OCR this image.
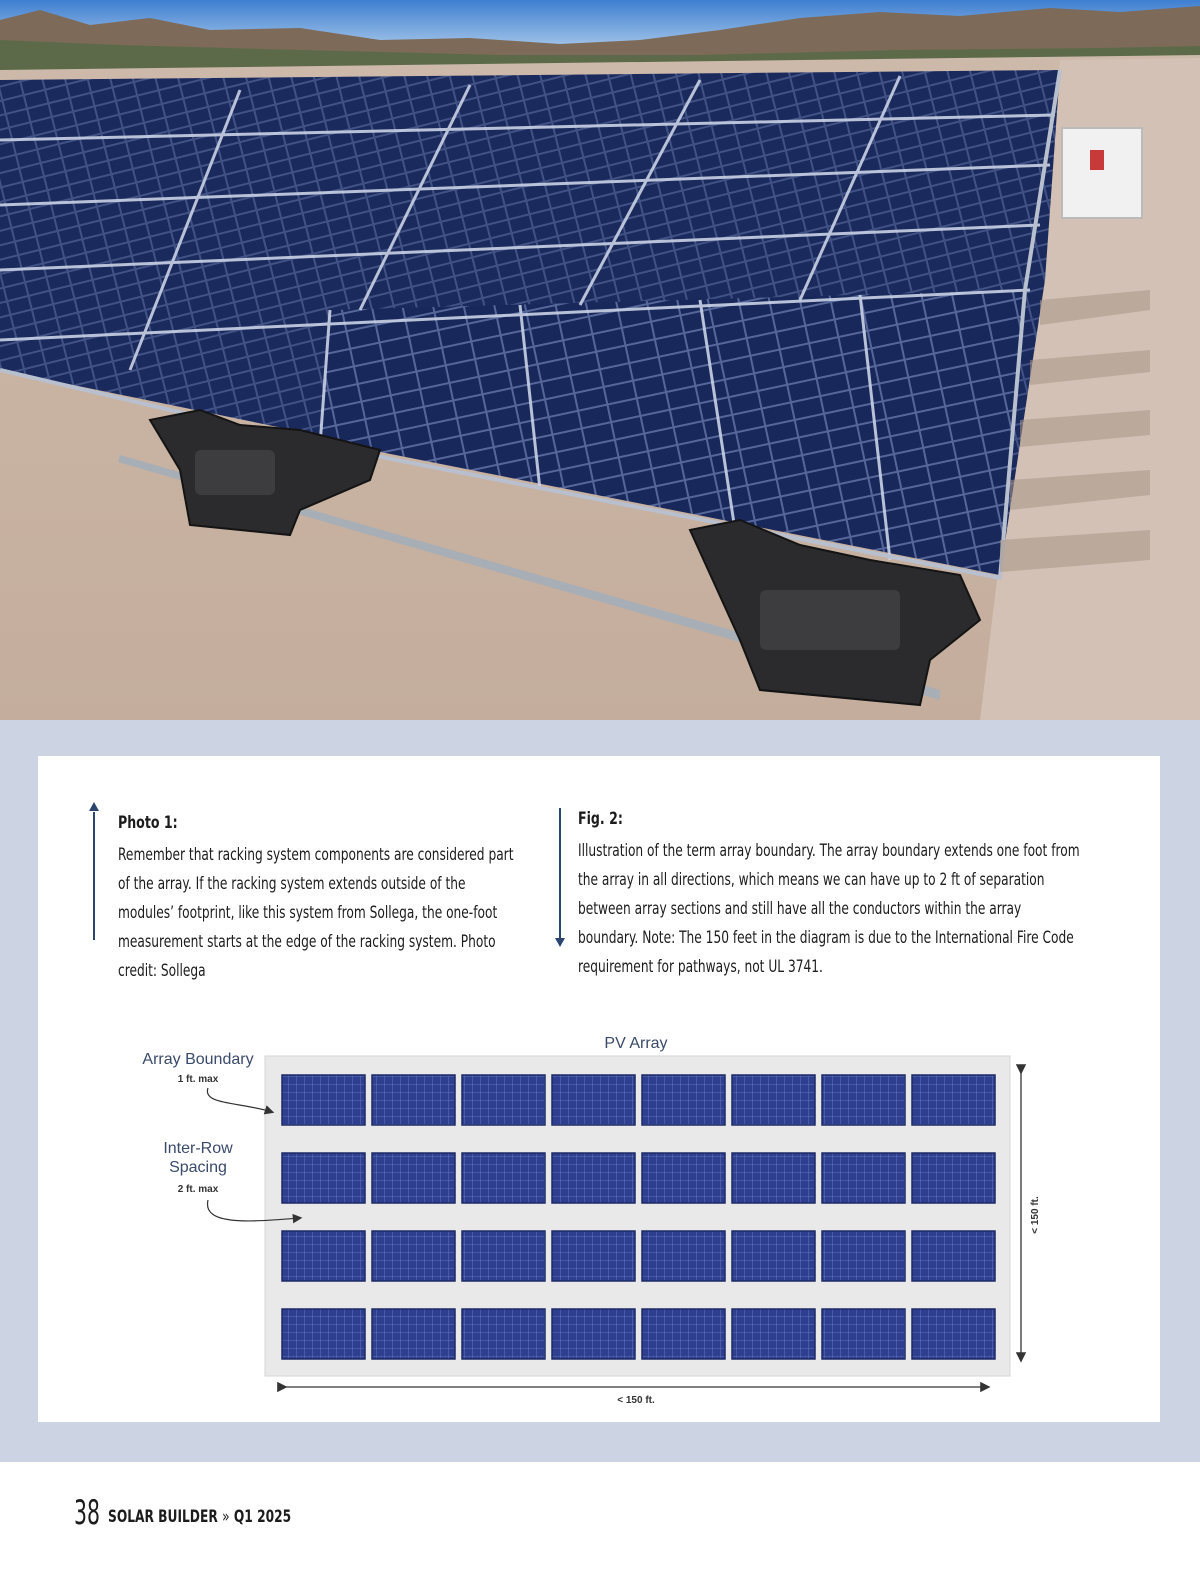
Photo 1:
Remember that racking system components are considered part of the array. If the racking system extends outside of the modules’ footprint, like this system from Sollega, the one-foot measurement starts at the edge of the racking system. Photo credit: Sollega
Fig. 2:
Illustration of the term array boundary. The array boundary extends one foot from the array in all directions, which means we can have up to 2 ft of separation between array sections and still have all the conductors within the array boundary. Note: The 150 feet in the diagram is due to the International Fire Code requirement for pathways, not UL 3741.
PV Array
Array Boundary
1 ft. max
Inter-Row
Spacing
2 ft. max
< 150 ft.
< 150 ft.
38 SOLAR BUILDER » Q1 2025
